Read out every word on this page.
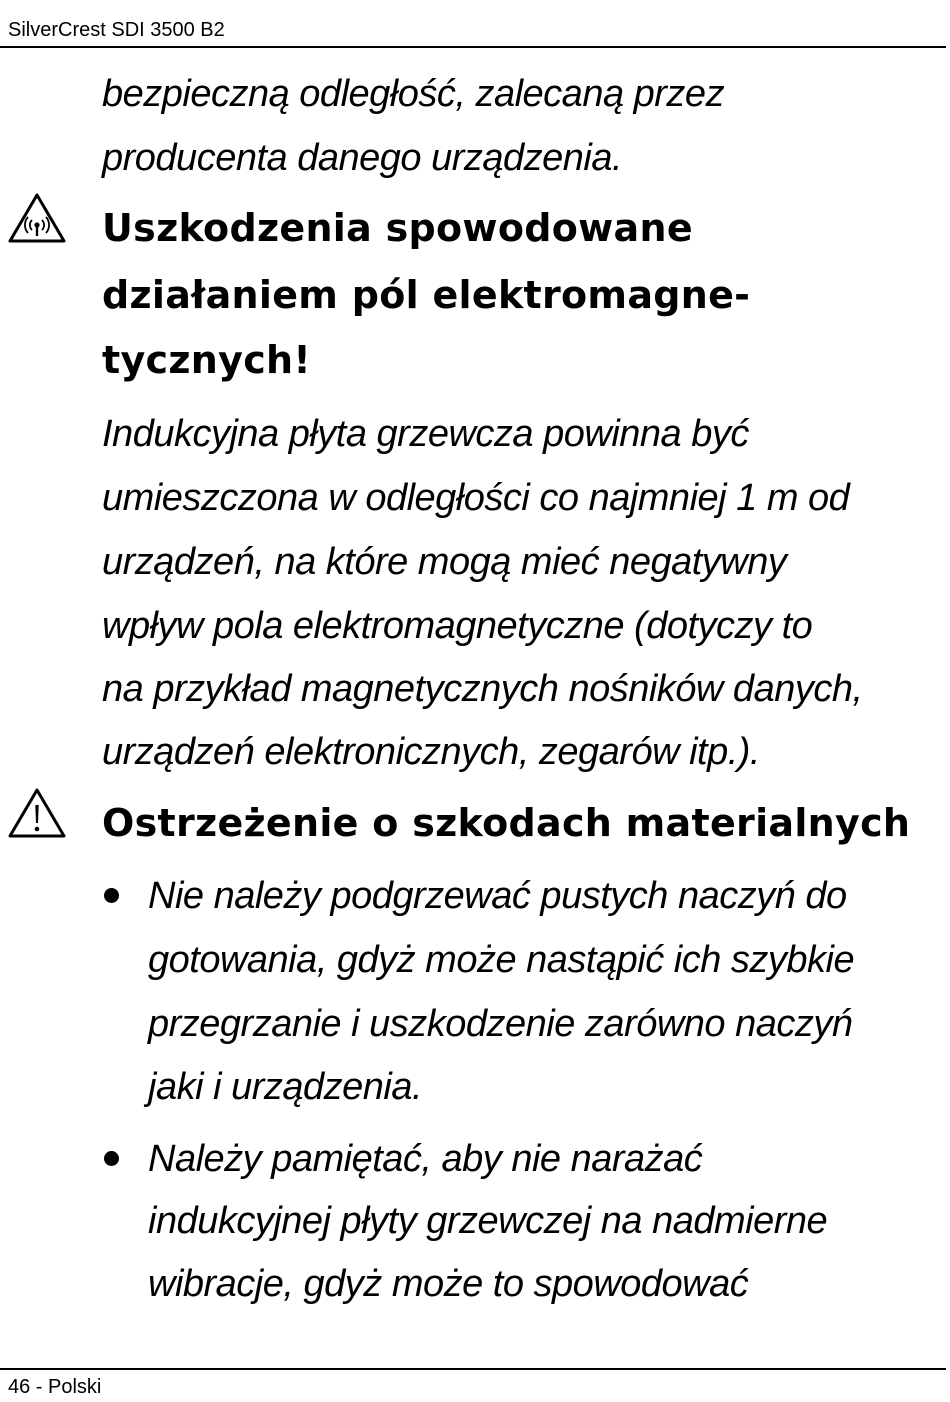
SilverCrest SDI 3500 B2

bezpieczną odległość, zalecaną przez

producenta danego urządzenia.

Uszkodzenia spowodowane
działaniem pól elektromagne-
tycznych!

Indukcyjna płyta grzewcza powinna być

umieszczona w odległości co najmniej 1 m od

urządzeń, na które mogą mieć negatywny

wpływ pola elektromagnetyczne (dotyczy to

na przykład magnetycznych nośników danych,

urządzeń elektronicznych, zegarów itp.).

Ostrzeżenie o szkodach materialnych

Nie należy podgrzewać pustych naczyń do

gotowania, gdyż może nastąpić ich szybkie

przegrzanie i uszkodzenie zarówno naczyń

jaki i urządzenia.

Należy pamiętać, aby nie narażać

indukcyjnej płyty grzewczej na nadmierne

wibracje, gdyż może to spowodować

46 - Polski
